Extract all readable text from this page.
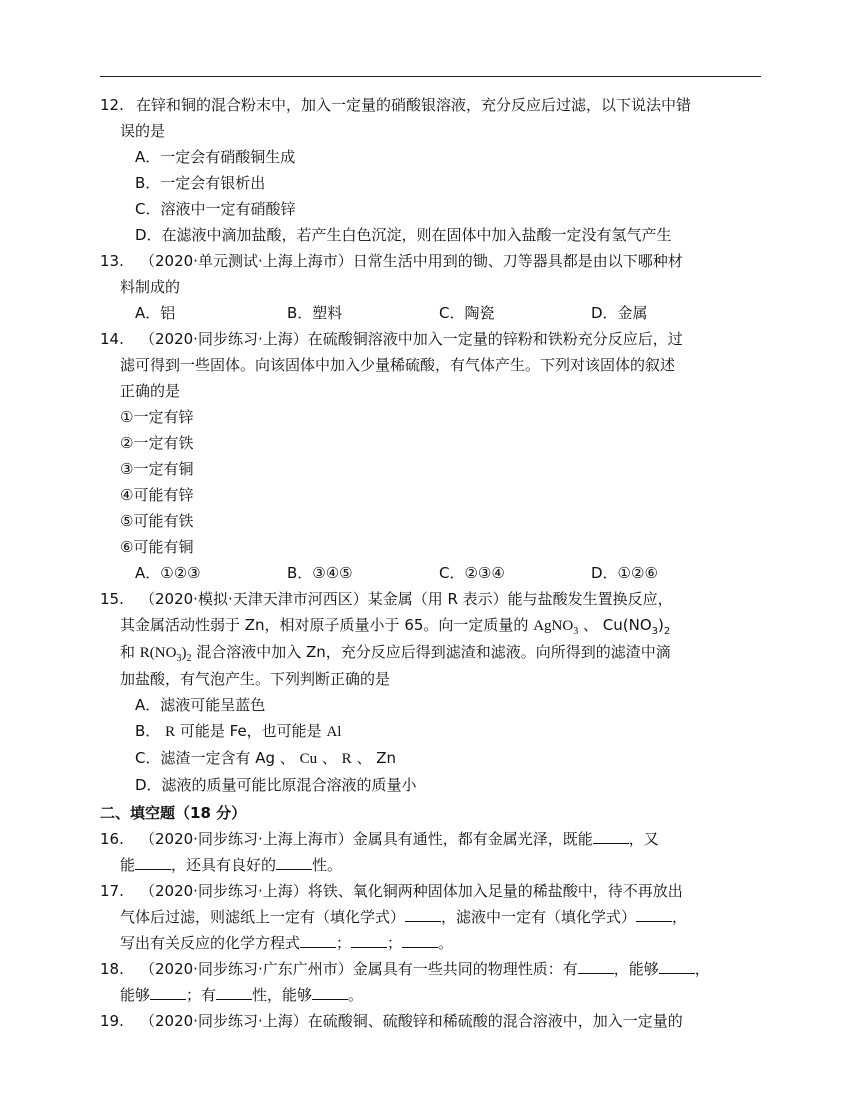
12. 在锌和铜的混合粉末中，加入一定量的硝酸银溶液，充分反应后过滤，以下说法中错
误的是
A．一定会有硝酸铜生成
B．一定会有银析出
C．溶液中一定有硝酸锌
D．在滤液中滴加盐酸，若产生白色沉淀，则在固体中加入盐酸一定没有氢气产生
13.	（2020·单元测试·上海上海市）日常生活中用到的锄、刀等器具都是由以下哪种材
料制成的
A．铝	B．塑料	C．陶瓷	D．金属
14.	（2020·同步练习·上海）在硫酸铜溶液中加入一定量的锌粉和铁粉充分反应后，过
滤可得到一些固体。向该固体中加入少量稀硫酸，有气体产生。下列对该固体的叙述
正确的是
①一定有锌
②一定有铁
③一定有铜
④可能有锌
⑤可能有铁
⑥可能有铜
A．①②③	B．③④⑤	C．②③④	D．①②⑥
15.	（2020·模拟·天津天津市河西区）某金属（用 R 表示）能与盐酸发生置换反应，
其金属活动性弱于 Zn，相对原子质量小于 65。向一定质量的 AgNO$_3$ 、 $Cu(NO_3)_2$
和 $R(NO_3)_2$ 混合溶液中加入 Zn，充分反应后得到滤渣和滤液。向所得到的滤渣中滴
加盐酸，有气泡产生。下列判断正确的是
A．滤液可能呈蓝色
B． R 可能是 Fe，也可能是 Al
C．滤渣一定含有 Ag 、 Cu 、 R 、 Zn
D．滤液的质量可能比原混合溶液的质量小
二、填空题（18 分）
16.	（2020·同步练习·上海上海市）金属具有通性，都有金属光泽，既能 ，又
能 ，还具有良好的 性。
17.	（2020·同步练习·上海）将铁、氧化铜两种固体加入足量的稀盐酸中，待不再放出
气体后过滤，则滤纸上一定有（填化学式） ，滤液中一定有（填化学式） ，
写出有关反应的化学方程式 ； ； 。
18.	（2020·同步练习·广东广州市）金属具有一些共同的物理性质：有 ，能够 ，
能够 ；有 性，能够 。
19.	（2020·同步练习·上海）在硫酸铜、硫酸锌和稀硫酸的混合溶液中，加入一定量的
